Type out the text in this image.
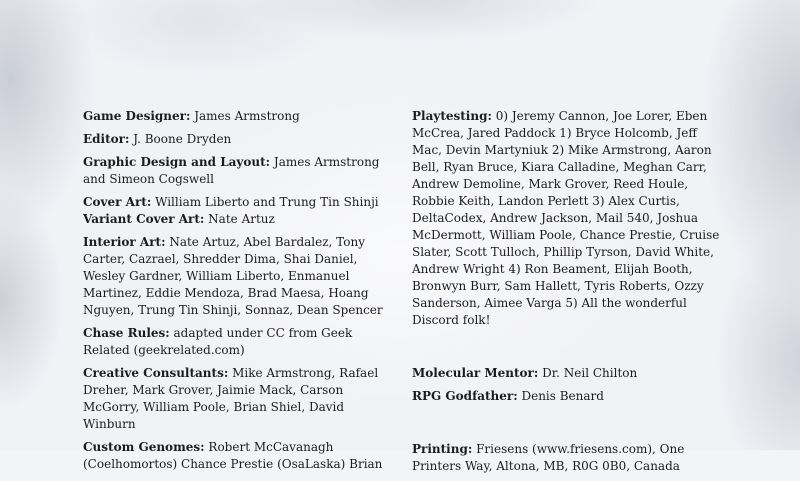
Game Designer: James Armstrong

Editor: J. Boone Dryden

Graphic Design and Layout: James Armstrong and Simeon Cogswell

Cover Art: William Liberto and Trung Tin Shinji

Variant Cover Art: Nate Artuz

Interior Art: Nate Artuz, Abel Bardalez, Tony Carter, Cazrael, Shredder Dima, Shai Daniel, Wesley Gardner, William Liberto, Enmanuel Martinez, Eddie Mendoza, Brad Maesa, Hoang Nguyen, Trung Tin Shinji, Sonnaz, Dean Spencer

Chase Rules: adapted under CC from Geek Related (geekrelated.com)

Creative Consultants: Mike Armstrong, Rafael Dreher, Mark Grover, Jaimie Mack, Carson McGorry, William Poole, Brian Shiel, David Winburn

Custom Genomes: Robert McCavanagh (Coelhomortos) Chance Prestie (OsaLaska) Brian

Playtesting: 0) Jeremy Cannon, Joe Lorer, Eben McCrea, Jared Paddock 1) Bryce Holcomb, Jeff Mac, Devin Martyniuk 2) Mike Armstrong, Aaron Bell, Ryan Bruce, Kiara Calladine, Meghan Carr, Andrew Demoline, Mark Grover, Reed Houle, Robbie Keith, Landon Perlett 3) Alex Curtis, DeltaCodex, Andrew Jackson, Mail 540, Joshua McDermott, William Poole, Chance Prestie, Cruise Slater, Scott Tulloch, Phillip Tyrson, David White, Andrew Wright 4) Ron Beament, Elijah Booth, Bronwyn Burr, Sam Hallett, Tyris Roberts, Ozzy Sanderson, Aimee Varga 5) All the wonderful Discord folk!

Molecular Mentor: Dr. Neil Chilton

RPG Godfather: Denis Benard

Printing: Friesens (www.friesens.com), One Printers Way, Altona, MB, R0G 0B0, Canada
